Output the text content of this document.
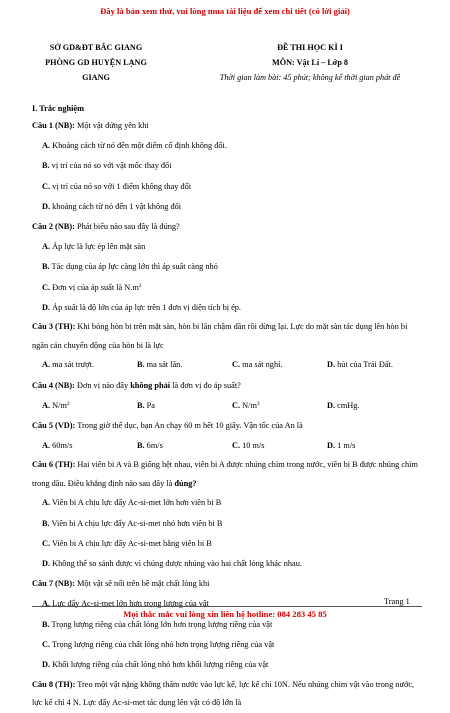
Đây là bản xem thử, vui lòng mua tài liệu để xem chi tiết (có lời giải)
SỞ GD&ĐT BẮC GIANG
PHÒNG GD HUYỆN LẠNG
GIANG
ĐỀ THI HỌC KÌ I
MÔN: Vật Lí – Lớp 8
Thời gian làm bài: 45 phút; không kể thời gian phát đề
I. Trắc nghiệm
Câu 1 (NB): Một vật đứng yên khi
A. Khoảng cách từ nó đến một điểm cố định không đổi.
B. vị trí của nó so với vật mốc thay đổi
C. vị trí của nó so với 1 điểm không thay đổi
D. khoảng cách từ nó đến 1 vật không đổi
Câu 2 (NB): Phát biểu nào sau đây là đúng?
A. Áp lực là lực ép lên mặt sàn
B. Tác dụng của áp lực càng lớn thì áp suất càng nhỏ
C. Đơn vị của áp suất là $N.m^2$
D. Áp suất là độ lớn của áp lực trên 1 đơn vị diện tích bị ép.
Câu 3 (TH): Khi bóng hòn bi trên mặt sàn, hòn bi lăn chậm dần rồi dừng lại. Lực do mặt sàn tác dụng lên hòn bi ngăn cản chuyển động của hòn bi là lực
A. ma sát trượt.	B. ma sát lăn.	C. ma sát nghỉ.	D. hút của Trái Đất.
Câu 4 (NB): Đơn vị nào đây không phải là đơn vị đo áp suất?
A. $N/m^2$	B. Pa	C. $N/m^3$	D. cmHg.
Câu 5 (VD): Trong giờ thể dục, bạn An chạy 60 m hết 10 giây. Vận tốc của An là
A. 60m/s	B. 6m/s	C. 10 m/s	D. 1 m/s
Câu 6 (TH): Hai viên bi A và B giống hệt nhau, viên bi A được nhúng chìm trong nước, viên bi B được nhúng chìm trong dầu. Điều khẳng định nào sau đây là đúng?
A. Viên bi A chịu lực đẩy Ac-si-met lớn hơn viên bi B
B. Viên bi A chịu lực đẩy Ac-si-met nhỏ hơn viên bi B
C. Viên bi A chịu lực đẩy Ac-si-met bằng viên bi B
D. Không thể so sánh được vì chúng được nhúng vào hai chất lỏng khác nhau.
Câu 7 (NB): Một vật sẽ nổi trên bề mặt chất lỏng khi
A. Lực đẩy Ac-si-met lớn hơn trọng lượng của vật
B. Trọng lượng riêng của chất lỏng lớn hơn trọng lượng riêng của vật
C. Trọng lượng riêng của chất lỏng nhỏ hơn trọng lượng riêng của vật
D. Khối lượng riêng của chất lỏng nhỏ hơn khối lượng riêng của vật
Câu 8 (TH): Treo một vật nặng không thấm nước vào lực kế, lực kế chỉ 10N. Nếu nhúng chìm vật vào trong nước, lực kế chỉ 4 N. Lực đẩy Ac-si-met tác dụng lên vật có độ lớn là
Trang 1
Mọi thắc mắc vui lòng xin liên hệ hotline: 084 283 45 85
